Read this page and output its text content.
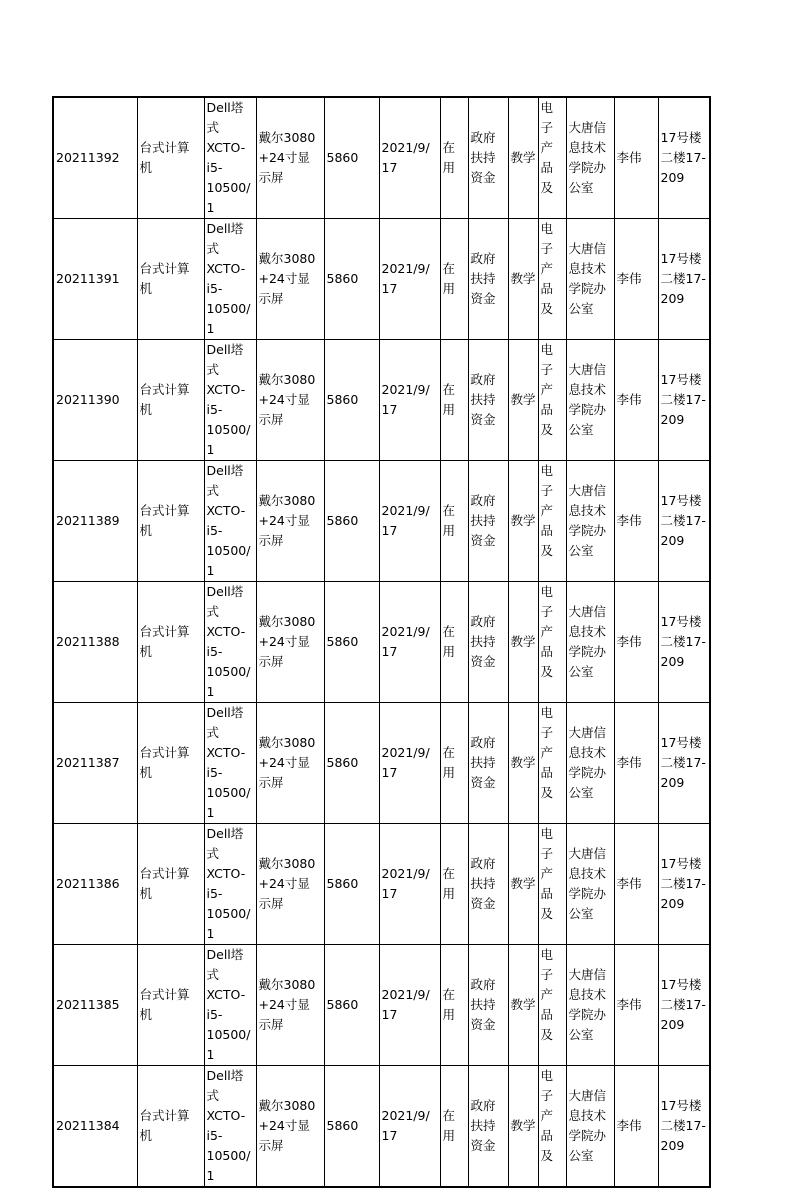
20211392	台式计算机	Dell塔
式
XCTO-
i5-
10500/1	戴尔3080+24寸显示屏	5860	2021/9/17	在用	政府扶持资金	教学	电子产品及	大唐信息技术学院办公室	李伟	17号楼二楼17-209

20211391	台式计算机	Dell塔
式
XCTO-
i5-
10500/1	戴尔3080+24寸显示屏	5860	2021/9/17	在用	政府扶持资金	教学	电子产品及	大唐信息技术学院办公室	李伟	17号楼二楼17-209

20211390	台式计算机	Dell塔
式
XCTO-
i5-
10500/1	戴尔3080+24寸显示屏	5860	2021/9/17	在用	政府扶持资金	教学	电子产品及	大唐信息技术学院办公室	李伟	17号楼二楼17-209

20211389	台式计算机	Dell塔
式
XCTO-
i5-
10500/1	戴尔3080+24寸显示屏	5860	2021/9/17	在用	政府扶持资金	教学	电子产品及	大唐信息技术学院办公室	李伟	17号楼二楼17-209

20211388	台式计算机	Dell塔
式
XCTO-
i5-
10500/1	戴尔3080+24寸显示屏	5860	2021/9/17	在用	政府扶持资金	教学	电子产品及	大唐信息技术学院办公室	李伟	17号楼二楼17-209

20211387	台式计算机	Dell塔
式
XCTO-
i5-
10500/1	戴尔3080+24寸显示屏	5860	2021/9/17	在用	政府扶持资金	教学	电子产品及	大唐信息技术学院办公室	李伟	17号楼二楼17-209

20211386	台式计算机	Dell塔
式
XCTO-
i5-
10500/1	戴尔3080+24寸显示屏	5860	2021/9/17	在用	政府扶持资金	教学	电子产品及	大唐信息技术学院办公室	李伟	17号楼二楼17-209

20211385	台式计算机	Dell塔
式
XCTO-
i5-
10500/1	戴尔3080+24寸显示屏	5860	2021/9/17	在用	政府扶持资金	教学	电子产品及	大唐信息技术学院办公室	李伟	17号楼二楼17-209

20211384	台式计算机	Dell塔
式
XCTO-
i5-
10500/1	戴尔3080+24寸显示屏	5860	2021/9/17	在用	政府扶持资金	教学	电子产品及	大唐信息技术学院办公室	李伟	17号楼二楼17-209
